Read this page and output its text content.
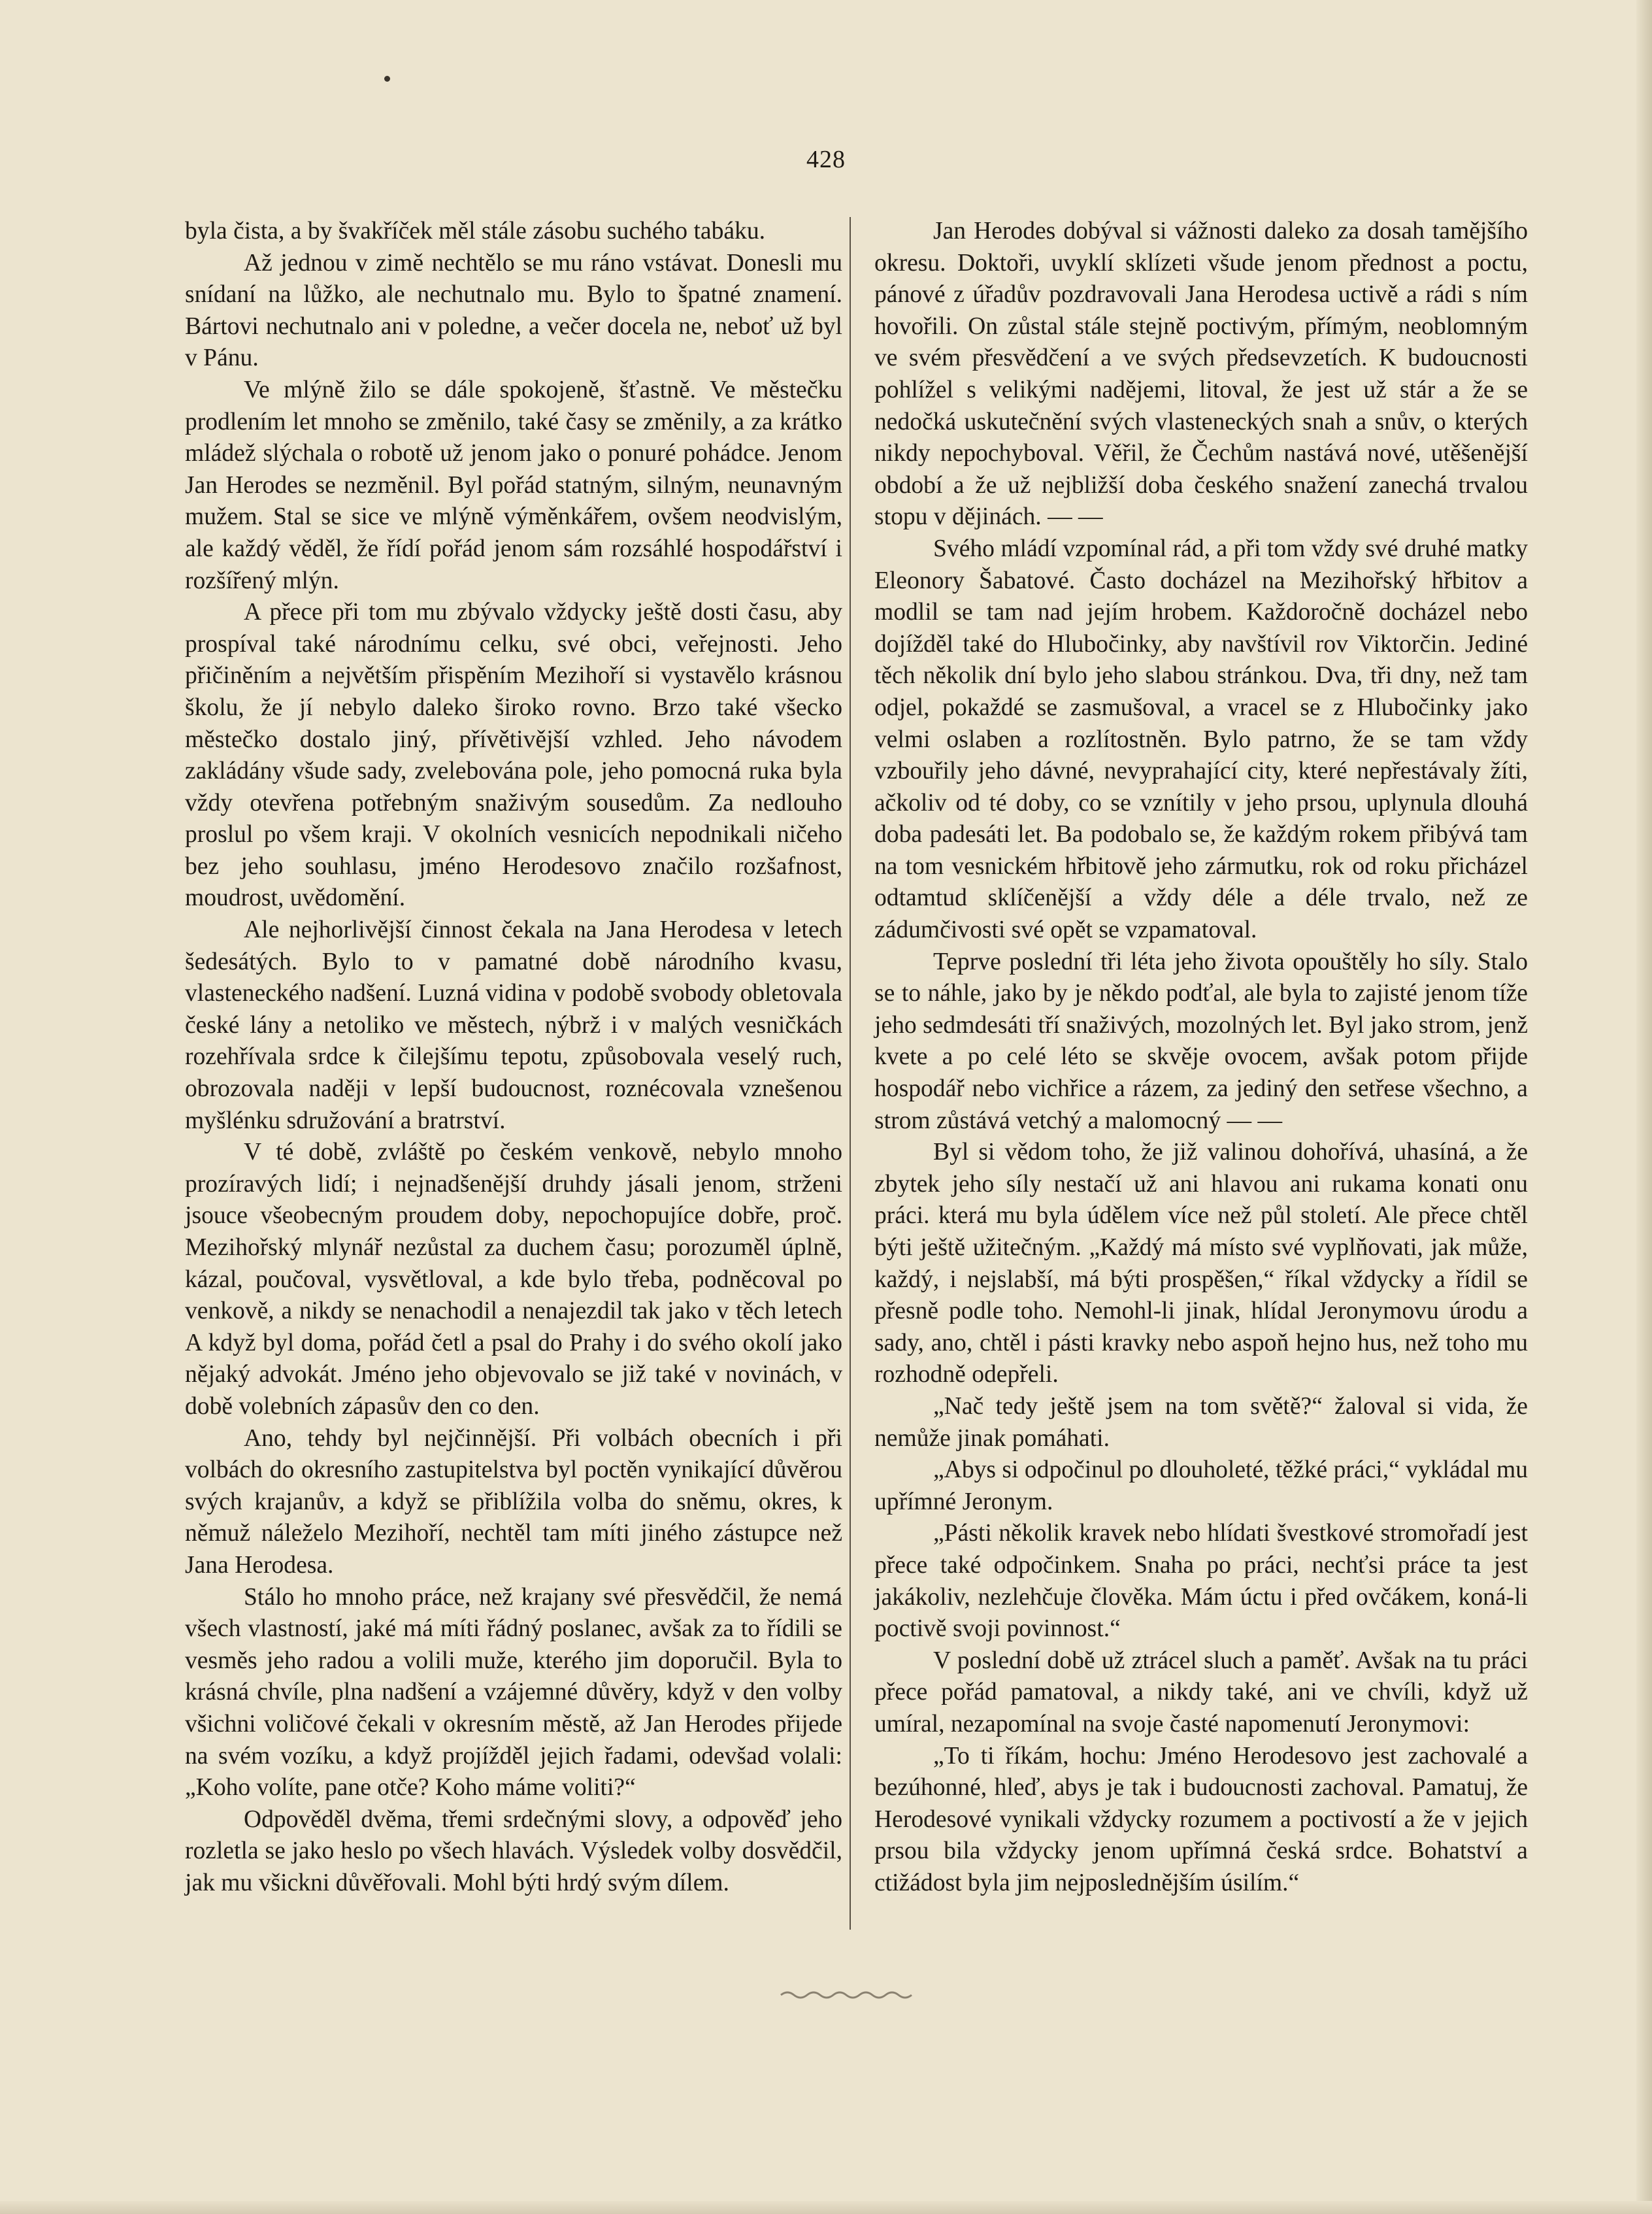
428

byla čista, a by švakříček měl stále zásobu suchého tabáku.

Až jednou v zimě nechtělo se mu ráno vstávat. Donesli mu snídaní na lůžko, ale nechutnalo mu. Bylo to špatné znamení. Bártovi nechutnalo ani v poledne, a večer docela ne, neboť už byl v Pánu.

Ve mlýně žilo se dále spokojeně, šťastně. Ve městečku prodlením let mnoho se změnilo, také časy se změnily, a za krátko mládež slýchala o robotě už jenom jako o ponuré pohádce. Jenom Jan Herodes se nezměnil. Byl pořád statným, silným, neunavným mužem. Stal se sice ve mlýně výměnkářem, ovšem neodvislým, ale každý věděl, že řídí pořád jenom sám rozsáhlé hospodářství i rozšířený mlýn.

A přece při tom mu zbývalo vždycky ještě dosti času, aby prospíval také národnímu celku, své obci, veřejnosti. Jeho přičiněním a největším přispěním Mezihoří si vystavělo krásnou školu, že jí nebylo daleko široko rovno. Brzo také všecko městečko dostalo jiný, přívětivější vzhled. Jeho návodem zakládány všude sady, zvelebována pole, jeho pomocná ruka byla vždy otevřena potřebným snaživým sousedům. Za nedlouho proslul po všem kraji. V okolních vesnicích nepodnikali ničeho bez jeho souhlasu, jméno Herodesovo značilo rozšafnost, moudrost, uvědomění.

Ale nejhorlivější činnost čekala na Jana Herodesa v letech šedesátých. Bylo to v pamatné době národního kvasu, vlasteneckého nadšení. Luzná vidina v podobě svobody obletovala české lány a netoliko ve městech, nýbrž i v malých vesničkách rozehřívala srdce k čilejšímu tepotu, způsobovala veselý ruch, obrozovala naději v lepší budoucnost, roznécovala vznešenou myšlénku sdružování a bratrství.

V té době, zvláště po českém venkově, nebylo mnoho prozíravých lidí; i nejnadšenější druhdy jásali jenom, strženi jsouce všeobecným proudem doby, nepochopujíce dobře, proč. Mezihořský mlynář nezůstal za duchem času; porozuměl úplně, kázal, poučoval, vysvětloval, a kde bylo třeba, podněcoval po venkově, a nikdy se nenachodil a nenajezdil tak jako v těch letech A když byl doma, pořád četl a psal do Prahy i do svého okolí jako nějaký advokát. Jméno jeho objevovalo se již také v novinách, v době volebních zápasův den co den.

Ano, tehdy byl nejčinnější. Při volbách obecních i při volbách do okresního zastupitelstva byl poctěn vynikající důvěrou svých krajanův, a když se přiblížila volba do sněmu, okres, k němuž náleželo Mezihoří, nechtěl tam míti jiného zástupce než Jana Herodesa.

Stálo ho mnoho práce, než krajany své přesvědčil, že nemá všech vlastností, jaké má míti řádný poslanec, avšak za to řídili se vesměs jeho radou a volili muže, kterého jim doporučil. Byla to krásná chvíle, plna nadšení a vzájemné důvěry, když v den volby všichni voličové čekali v okresním městě, až Jan Herodes přijede na svém vozíku, a když projížděl jejich řadami, odevšad volali: „Koho volíte, pane otče? Koho máme voliti?“

Odpověděl dvěma, třemi srdečnými slovy, a odpověď jeho rozletla se jako heslo po všech hlavách. Výsledek volby dosvědčil, jak mu všickni důvěřovali. Mohl býti hrdý svým dílem.

Jan Herodes dobýval si vážnosti daleko za dosah tamějšího okresu. Doktoři, uvyklí sklízeti všude jenom přednost a poctu, pánové z úřadův pozdravovali Jana Herodesa uctivě a rádi s ním hovořili. On zůstal stále stejně poctivým, přímým, neoblomným ve svém přesvědčení a ve svých předsevzetích. K budoucnosti pohlížel s velikými nadějemi, litoval, že jest už stár a že se nedočká uskutečnění svých vlasteneckých snah a snův, o kterých nikdy nepochyboval. Věřil, že Čechům nastává nové, utěšenější období a že už nejbližší doba českého snažení zanechá trvalou stopu v dějinách. — —

Svého mládí vzpomínal rád, a při tom vždy své druhé matky Eleonory Šabatové. Často docházel na Mezihořský hřbitov a modlil se tam nad jejím hrobem. Každoročně docházel nebo dojížděl také do Hlubočinky, aby navštívil rov Viktorčin. Jediné těch několik dní bylo jeho slabou stránkou. Dva, tři dny, než tam odjel, pokaždé se zasmušoval, a vracel se z Hlubočinky jako velmi oslaben a rozlítostněn. Bylo patrno, že se tam vždy vzbouřily jeho dávné, nevyprahající city, které nepřestávaly žíti, ačkoliv od té doby, co se vznítily v jeho prsou, uplynula dlouhá doba padesáti let. Ba podobalo se, že každým rokem přibývá tam na tom vesnickém hřbitově jeho zármutku, rok od roku přicházel odtamtud sklíčenější a vždy déle a déle trvalo, než ze zádumčivosti své opět se vzpamatoval.

Teprve poslední tři léta jeho života opouštěly ho síly. Stalo se to náhle, jako by je někdo podťal, ale byla to zajisté jenom tíže jeho sedmdesáti tří snaživých, mozolných let. Byl jako strom, jenž kvete a po celé léto se skvěje ovocem, avšak potom přijde hospodář nebo vichřice a rázem, za jediný den setřese všechno, a strom zůstává vetchý a malomocný — —

Byl si vědom toho, že již valinou dohořívá, uhasíná, a že zbytek jeho síly nestačí už ani hlavou ani rukama konati onu práci. která mu byla údělem více než půl století. Ale přece chtěl býti ještě užitečným. „Každý má místo své vyplňovati, jak může, každý, i nejslabší, má býti prospěšen,“ říkal vždycky a řídil se přesně podle toho. Nemohl-li jinak, hlídal Jeronymovu úrodu a sady, ano, chtěl i pásti kravky nebo aspoň hejno hus, než toho mu rozhodně odepřeli.

„Nač tedy ještě jsem na tom světě?“ žaloval si vida, že nemůže jinak pomáhati.

„Abys si odpočinul po dlouholeté, těžké práci,“ vykládal mu upřímné Jeronym.

„Pásti několik kravek nebo hlídati švestkové stromořadí jest přece také odpočinkem. Snaha po práci, nechťsi práce ta jest jakákoliv, nezlehčuje člověka. Mám úctu i před ovčákem, koná-li poctivě svoji povinnost.“

V poslední době už ztrácel sluch a paměť. Avšak na tu práci přece pořád pamatoval, a nikdy také, ani ve chvíli, když už umíral, nezapomínal na svoje časté napomenutí Jeronymovi:

„To ti říkám, hochu: Jméno Herodesovo jest zachovalé a bezúhonné, hleď, abys je tak i budoucnosti zachoval. Pamatuj, že Herodesové vynikali vždycky rozumem a poctivostí a že v jejich prsou bila vždycky jenom upřímná česká srdce. Bohatství a ctižádost byla jim nejposlednějším úsilím.“
